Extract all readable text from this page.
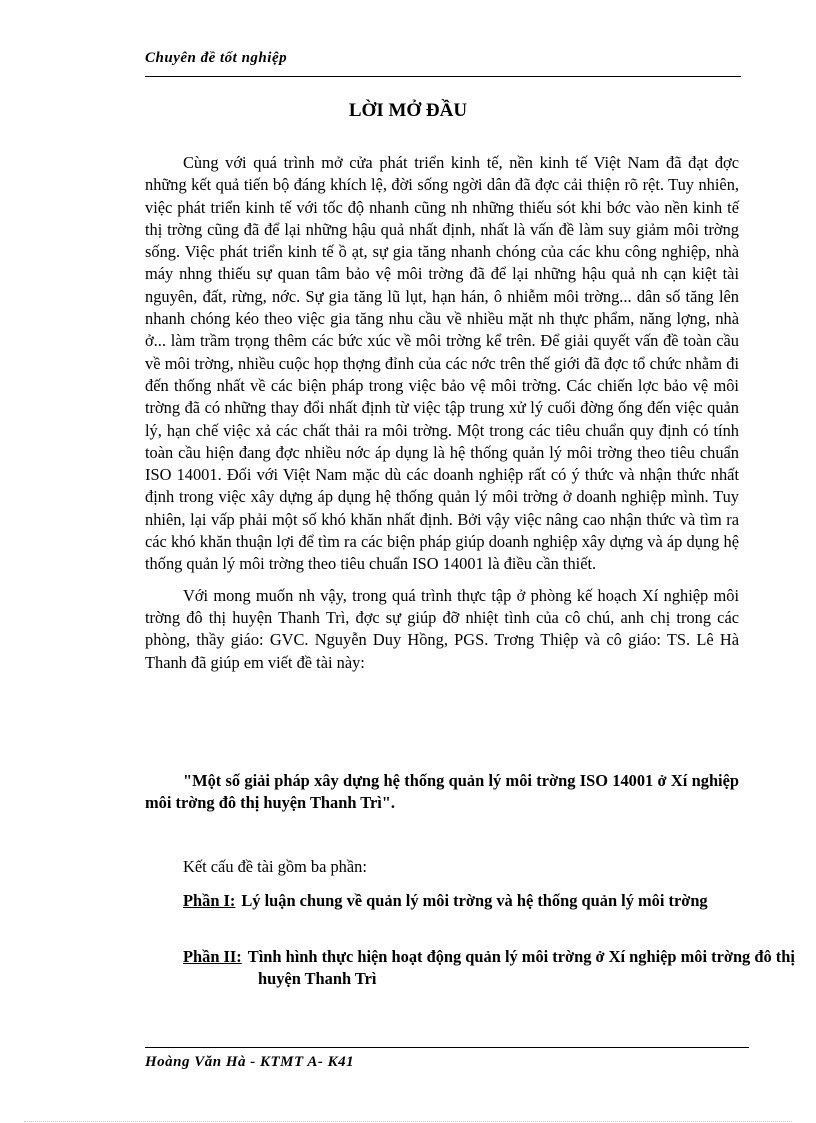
Chuyên đề tốt nghiệp
LỜI MỞ ĐẦU

Cùng với quá trình mở cửa phát triển kinh tế, nền kinh tế Việt Nam đã đạt đợc những kết quả tiến bộ đáng khích lệ, đời sống ngời dân đã đợc cải thiện rõ rệt. Tuy nhiên, việc phát triển kinh tế với tốc độ nhanh cũng nh những thiếu sót khi bớc vào nền kinh tế thị trờng cũng đã để lại những hậu quả nhất định, nhất là vấn đề làm suy giảm môi trờng sống. Việc phát triển kinh tế ồ ạt, sự gia tăng nhanh chóng của các khu công nghiệp, nhà máy nhng thiếu sự quan tâm bảo vệ môi trờng đã để lại những hậu quả nh cạn kiệt tài nguyên, đất, rừng, nớc. Sự gia tăng lũ lụt, hạn hán, ô nhiễm môi trờng... dân số tăng lên nhanh chóng kéo theo việc gia tăng nhu cầu về nhiều mặt nh thực phẩm, năng lợng, nhà ở... làm trầm trọng thêm các bức xúc về môi trờng kể trên. Để giải quyết vấn đề toàn cầu về môi trờng, nhiều cuộc họp thợng đỉnh của các nớc trên thế giới đã đợc tổ chức nhằm đi đến thống nhất về các biện pháp trong việc bảo vệ môi trờng. Các chiến lợc bảo vệ môi trờng đã có những thay đổi nhất định từ việc tập trung xử lý cuối đờng ống đến việc quản lý, hạn chế việc xả các chất thải ra môi trờng. Một trong các tiêu chuẩn quy định có tính toàn cầu hiện đang đợc nhiều nớc áp dụng là hệ thống quản lý môi trờng theo tiêu chuẩn ISO 14001. Đối với Việt Nam mặc dù các doanh nghiệp rất có ý thức và nhận thức nhất định trong việc xây dựng áp dụng hệ thống quản lý môi trờng ở doanh nghiệp mình. Tuy nhiên, lại vấp phải một số khó khăn nhất định. Bởi vậy việc nâng cao nhận thức và tìm ra các khó khăn thuận lợi để tìm ra các biện pháp giúp doanh nghiệp xây dựng và áp dụng hệ thống quản lý môi trờng theo tiêu chuẩn ISO 14001 là điều cần thiết.

Với mong muốn nh vậy, trong quá trình thực tập ở phòng kế hoạch Xí nghiệp môi trờng đô thị huyện Thanh Trì, đợc sự giúp đỡ nhiệt tình của cô chú, anh chị trong các phòng, thầy giáo: GVC. Nguyễn Duy Hồng, PGS. Trơng Thiệp và cô giáo: TS. Lê Hà Thanh đã giúp em viết đề tài này:

"Một số giải pháp xây dựng hệ thống quản lý môi trờng ISO 14001 ở Xí nghiệp môi trờng đô thị huyện Thanh Trì".
Kết cấu đề tài gồm ba phần:
Phần I: Lý luận chung về quản lý môi trờng và hệ thống quản lý môi trờng
Phần II: Tình hình thực hiện hoạt động quản lý môi trờng ở Xí nghiệp môi trờng đô thị huyện Thanh Trì
Hoàng Văn Hà - KTMT A- K41
